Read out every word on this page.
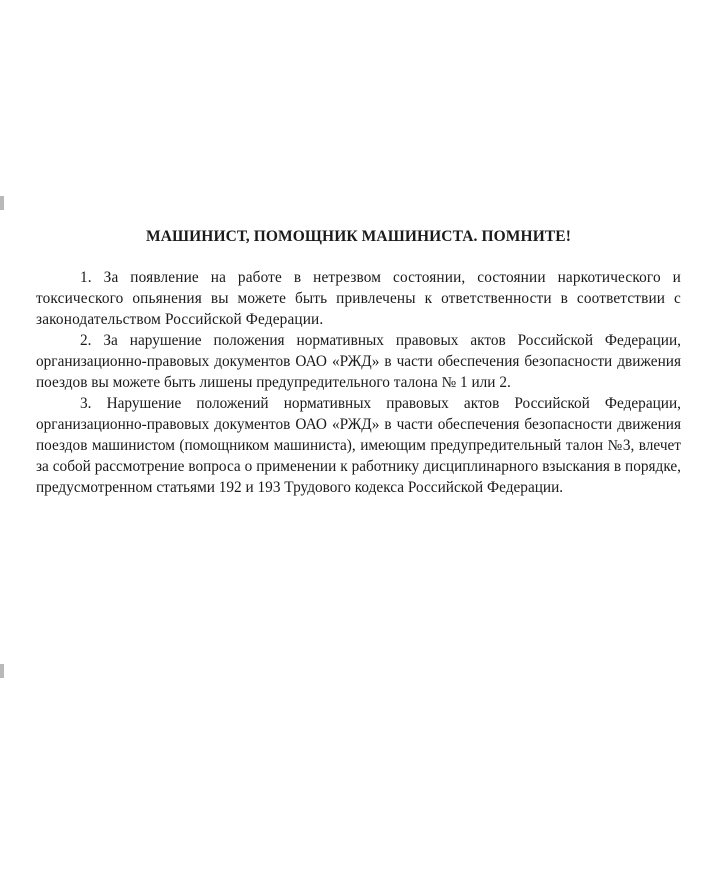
МАШИНИСТ, ПОМОЩНИК МАШИНИСТА. ПОМНИТЕ!

1. За появление на работе в нетрезвом состоянии, состоянии наркотического и токсического опьянения вы можете быть привлечены к ответственности в соответствии с законодательством Российской Федерации.

2. За нарушение положения нормативных правовых актов Российской Федерации, организационно-правовых документов ОАО «РЖД» в части обеспечения безопасности движения поездов вы можете быть лишены предупредительного талона № 1 или 2.

3. Нарушение положений нормативных правовых актов Российской Федерации, организационно-правовых документов ОАО «РЖД» в части обеспечения безопасности движения поездов машинистом (помощником машиниста), имеющим предупредительный талон №3, влечет за собой рассмотрение вопроса о применении к работнику дисциплинарного взыскания в порядке, предусмотренном статьями 192 и 193 Трудового кодекса Российской Федерации.
